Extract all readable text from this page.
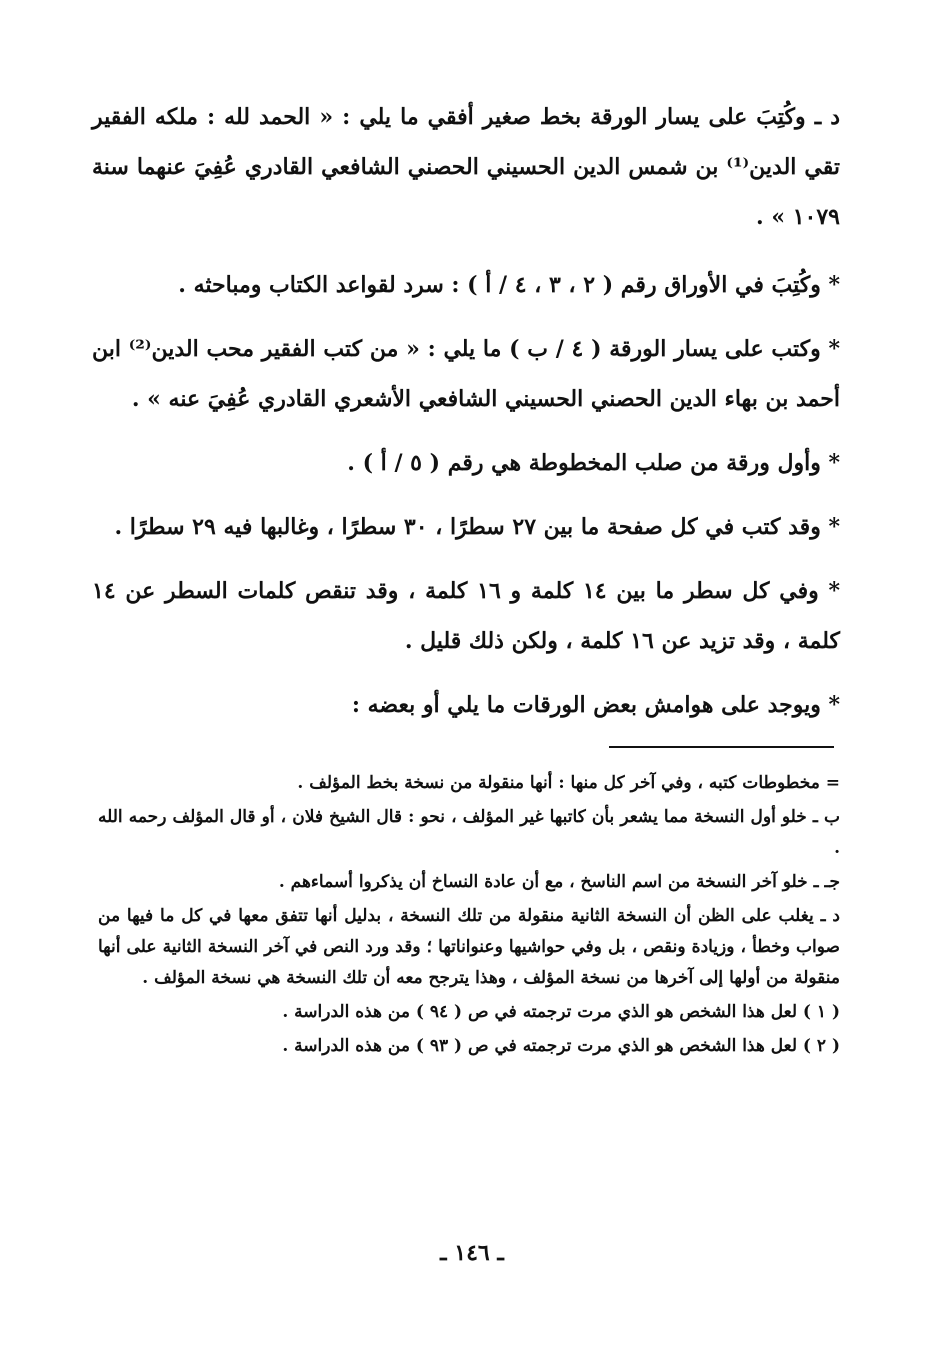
د ـ وكُتِبَ على يسار الورقة بخط صغير أفقي ما يلي : « الحمد لله : ملكه الفقير تقي الدين⁽¹⁾ بن شمس الدين الحسيني الحصني الشافعي القادري عُفِيَ عنهما سنة ١٠٧٩ » .

* وكُتِبَ في الأوراق رقم ( ٢ ، ٣ ، ٤ / أ ) : سرد لقواعد الكتاب ومباحثه .

* وكتب على يسار الورقة ( ٤ / ب ) ما يلي : « من كتب الفقير محب الدين⁽²⁾ ابن أحمد بن بهاء الدين الحصني الحسيني الشافعي الأشعري القادري عُفِيَ عنه » .

* وأول ورقة من صلب المخطوطة هي رقم ( ٥ / أ ) .

* وقد كتب في كل صفحة ما بين ٢٧ سطرًا ، ٣٠ سطرًا ، وغالبها فيه ٢٩ سطرًا .

* وفي كل سطر ما بين ١٤ كلمة و ١٦ كلمة ، وقد تنقص كلمات السطر عن ١٤ كلمة ، وقد تزيد عن ١٦ كلمة ، ولكن ذلك قليل .

* ويوجد على هوامش بعض الورقات ما يلي أو بعضه :

= مخطوطات كتبه ، وفي آخر كل منها : أنها منقولة من نسخة بخط المؤلف .

ب ـ خلو أول النسخة مما يشعر بأن كاتبها غير المؤلف ، نحو : قال الشيخ فلان ، أو قال المؤلف رحمه الله .

جـ ـ خلو آخر النسخة من اسم الناسخ ، مع أن عادة النساخ أن يذكروا أسماءهم .

د ـ يغلب على الظن أن النسخة الثانية منقولة من تلك النسخة ، بدليل أنها تتفق معها في كل ما فيها من صواب وخطأ ، وزيادة ونقص ، بل وفي حواشيها وعنواناتها ؛ وقد ورد النص في آخر النسخة الثانية على أنها منقولة من أولها إلى آخرها من نسخة المؤلف ، وهذا يترجح معه أن تلك النسخة هي نسخة المؤلف .

( ١ ) لعل هذا الشخص هو الذي مرت ترجمته في ص ( ٩٤ ) من هذه الدراسة .

( ٢ ) لعل هذا الشخص هو الذي مرت ترجمته في ص ( ٩٣ ) من هذه الدراسة .

ـ ١٤٦ ـ
